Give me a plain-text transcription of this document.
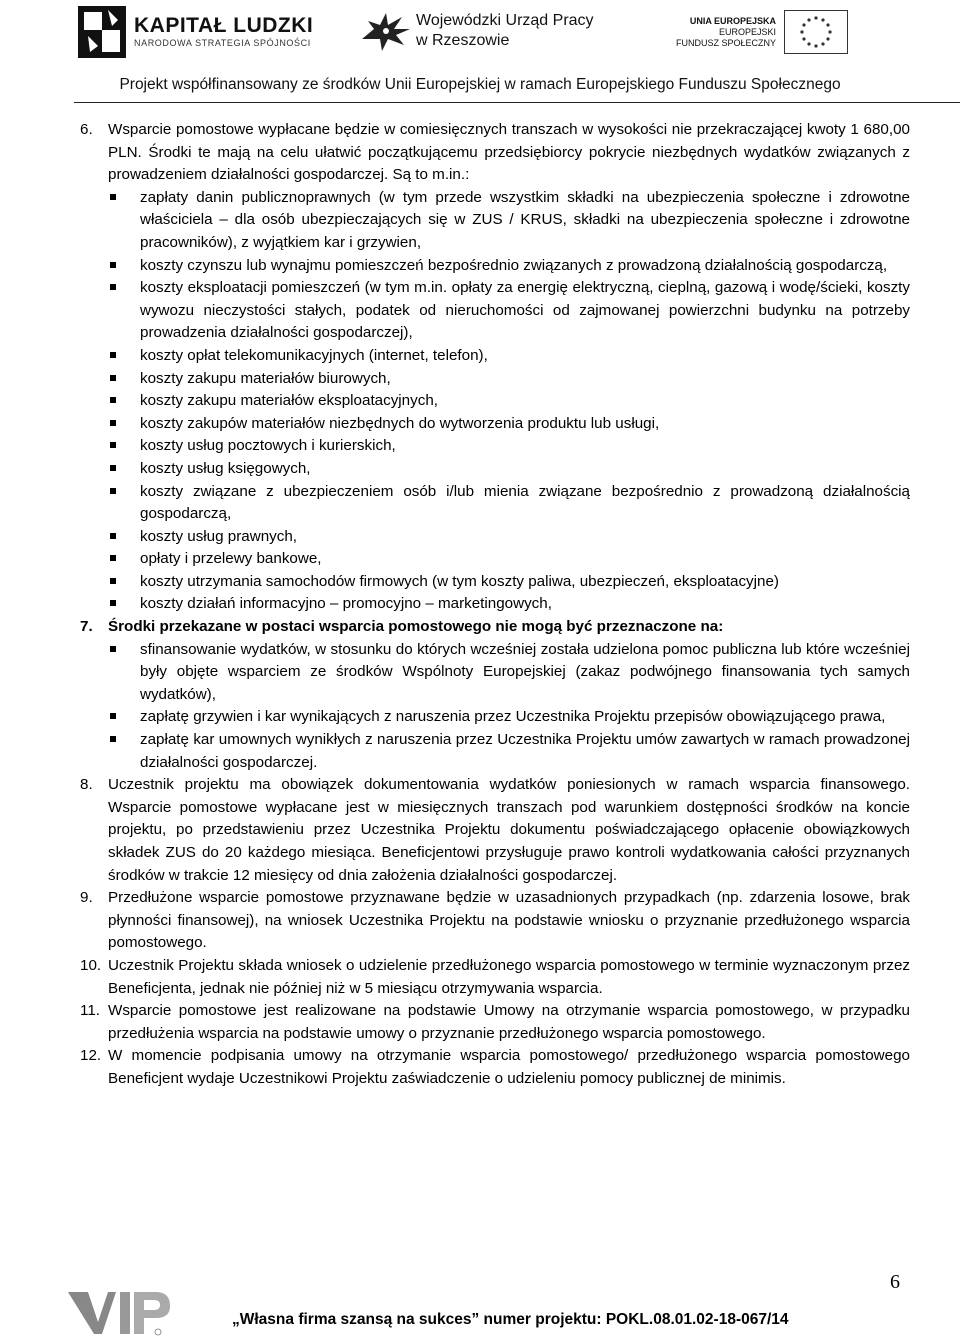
KAPITAŁ LUDZKI
NARODOWA STRATEGIA SPÓJNOŚCI
Wojewódzki Urząd Pracy
w Rzeszowie
UNIA EUROPEJSKA
EUROPEJSKI
FUNDUSZ SPOŁECZNY
Projekt współfinansowany ze środków Unii Europejskiej w ramach Europejskiego Funduszu Społecznego
6. Wsparcie pomostowe wypłacane będzie w comiesięcznych transzach w wysokości nie przekraczającej kwoty 1 680,00 PLN. Środki te mają na celu ułatwić początkującemu przedsiębiorcy pokrycie niezbędnych wydatków związanych z prowadzeniem działalności gospodarczej. Są to m.in.:
zapłaty danin publicznoprawnych (w tym przede wszystkim składki na ubezpieczenia społeczne i zdrowotne właściciela – dla osób ubezpieczających się w ZUS / KRUS, składki na ubezpieczenia społeczne i zdrowotne pracowników), z wyjątkiem kar i grzywien,
koszty czynszu lub wynajmu pomieszczeń bezpośrednio związanych z prowadzoną działalnością gospodarczą,
koszty eksploatacji pomieszczeń (w tym m.in. opłaty za energię elektryczną, cieplną, gazową i wodę/ścieki, koszty wywozu nieczystości stałych, podatek od nieruchomości od zajmowanej powierzchni budynku na potrzeby prowadzenia działalności gospodarczej),
koszty opłat telekomunikacyjnych (internet, telefon),
koszty zakupu materiałów biurowych,
koszty zakupu materiałów eksploatacyjnych,
koszty zakupów materiałów niezbędnych do wytworzenia produktu lub usługi,
koszty usług pocztowych i kurierskich,
koszty usług księgowych,
koszty związane z ubezpieczeniem osób i/lub mienia związane bezpośrednio z prowadzoną działalnością gospodarczą,
koszty usług prawnych,
opłaty i przelewy bankowe,
koszty utrzymania samochodów firmowych (w tym koszty paliwa, ubezpieczeń, eksploatacyjne)
koszty działań informacyjno – promocyjno – marketingowych,
7. Środki przekazane w postaci wsparcia pomostowego nie mogą być przeznaczone na:
sfinansowanie wydatków, w stosunku do których wcześniej została udzielona pomoc publiczna lub które wcześniej były objęte wsparciem ze środków Wspólnoty Europejskiej (zakaz podwójnego finansowania tych samych wydatków),
zapłatę grzywien i kar wynikających z naruszenia przez Uczestnika Projektu przepisów obowiązującego prawa,
zapłatę kar umownych wynikłych z naruszenia przez Uczestnika Projektu umów zawartych w ramach prowadzonej działalności gospodarczej.
8. Uczestnik projektu ma obowiązek dokumentowania wydatków poniesionych w ramach wsparcia finansowego. Wsparcie pomostowe wypłacane jest w miesięcznych transzach pod warunkiem dostępności środków na koncie projektu, po przedstawieniu przez Uczestnika Projektu dokumentu poświadczającego opłacenie obowiązkowych składek ZUS do 20 każdego miesiąca. Beneficjentowi przysługuje prawo kontroli wydatkowania całości przyznanych środków w trakcie 12 miesięcy od dnia założenia działalności gospodarczej.
9. Przedłużone wsparcie pomostowe przyznawane będzie w uzasadnionych przypadkach (np. zdarzenia losowe, brak płynności finansowej), na wniosek Uczestnika Projektu na podstawie wniosku o przyznanie przedłużonego wsparcia pomostowego.
10. Uczestnik Projektu składa wniosek o udzielenie przedłużonego wsparcia pomostowego w terminie wyznaczonym przez Beneficjenta, jednak nie później niż w 5 miesiącu otrzymywania wsparcia.
11. Wsparcie pomostowe jest realizowane na podstawie Umowy na otrzymanie wsparcia pomostowego, w przypadku przedłużenia wsparcia na podstawie umowy o przyznanie przedłużonego wsparcia pomostowego.
12. W momencie podpisania umowy na otrzymanie wsparcia pomostowego/ przedłużonego wsparcia pomostowego Beneficjent wydaje Uczestnikowi Projektu zaświadczenie o udzieleniu pomocy publicznej de minimis.
6
„Własna firma szansą na sukces” numer projektu: POKL.08.01.02-18-067/14
